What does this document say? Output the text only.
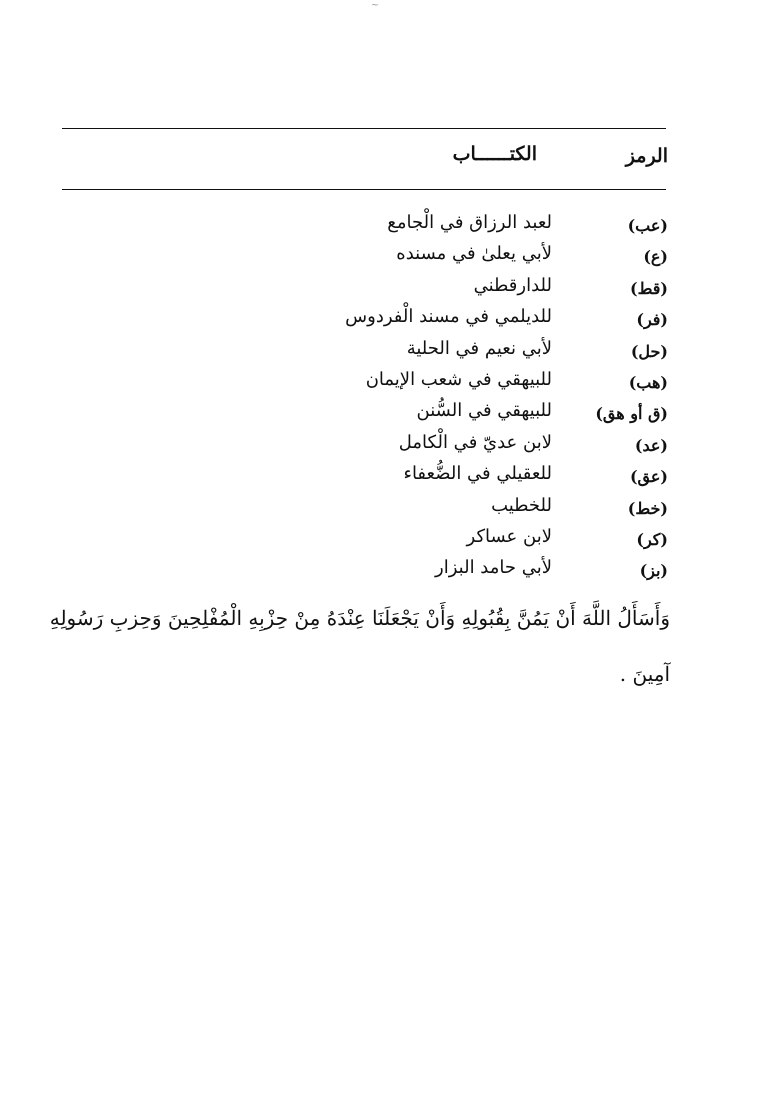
~
الرمز
الكتــــــاب
(عب)
لعبد الرزاق في الْجامع
(ع)
لأبي يعلىٰ في مسنده
(قط)
للدارقطني
(فر)
للديلمي في مسند الْفردوس
(حل)
لأبي نعيم في الحلية
(هب)
للبيهقي في شعب الإيمان
(ق أو هق)
للبيهقي في السُّنن
(عد)
لابن عديّ في الْكامل
(عق)
للعقيلي في الضُّعفاء
(خط)
للخطيب
(كر)
لابن عساكر
(بز)
لأبي حامد البزار
وَأَسَأَلُ اللَّهَ أَنْ يَمُنَّ بِقُبُولِهِ وَأَنْ يَجْعَلَنَا عِنْدَهُ مِنْ حِزْبِهِ الْمُفْلِحِينَ وَحِزبِ رَسُولِهِ
آمِينَ .
